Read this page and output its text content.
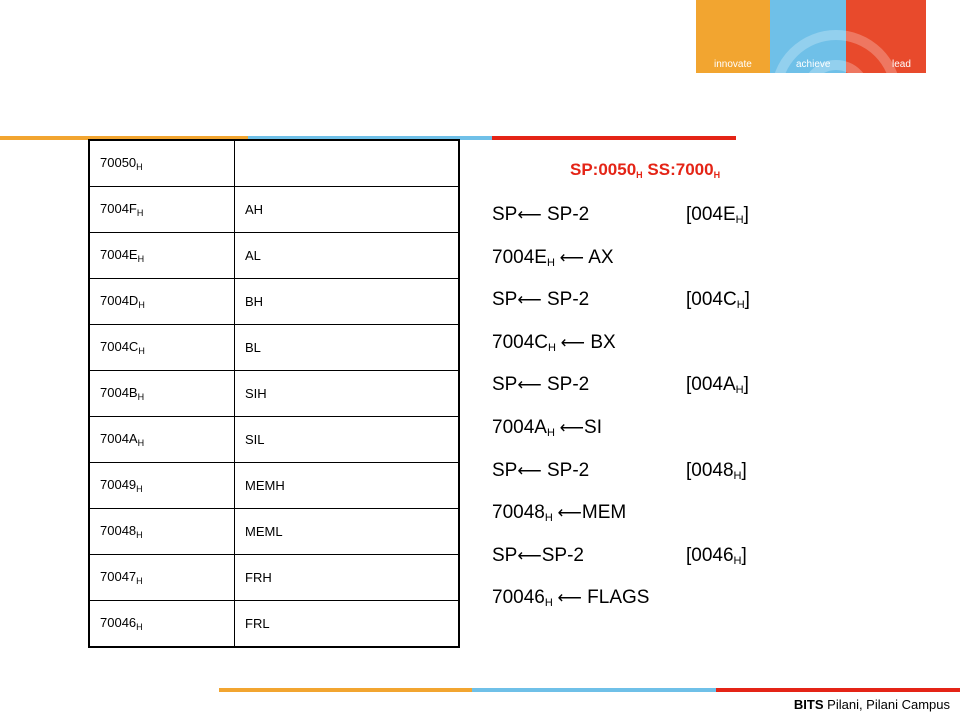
innovate	achieve	lead
$70050_H$	
$7004F_H$	AH
$7004E_H$	AL
$7004D_H$	BH
$7004C_H$	BL
$7004B_H$	SIH
$7004A_H$	SIL
$70049_H$	MEMH
$70048_H$	MEML
$70047_H$	FRH
$70046_H$	FRL
$SP:0050_H$ $SS:7000_H$
SP⟵ SP-2	$[004E_H]$
$7004E_H$ ⟵ AX
SP⟵ SP-2	$[004C_H]$
$7004C_H$ ⟵ BX
SP⟵ SP-2	$[004A_H]$
$7004A_H$ ⟵SI
SP⟵ SP-2	$[0048_H]$
$70048_H$ ⟵MEM
SP⟵SP-2	$[0046_H]$
$70046_H$ ⟵ FLAGS
BITS Pilani, Pilani Campus
